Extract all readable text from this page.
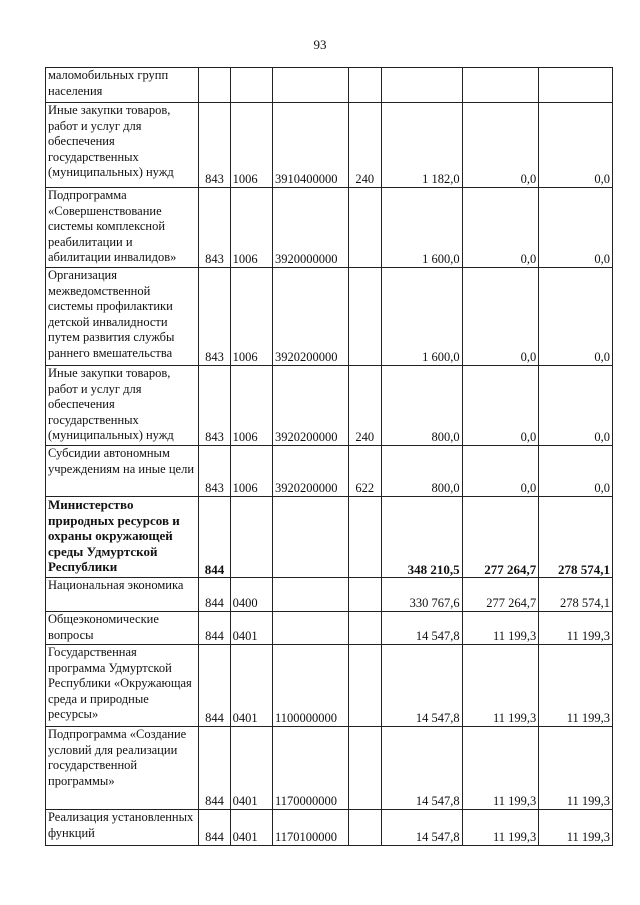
93
маломобильных групп населения							
Иные закупки товаров, работ и услуг для обеспечения государственных (муниципальных) нужд	843	1006	3910400000	240	1 182,0	0,0	0,0
Подпрограмма «Совершенствование системы комплексной реабилитации и абилитации инвалидов»	843	1006	3920000000		1 600,0	0,0	0,0
Организация межведомственной системы профилактики детской инвалидности путем развития службы раннего вмешательства	843	1006	3920200000		1 600,0	0,0	0,0
Иные закупки товаров, работ и услуг для обеспечения государственных (муниципальных) нужд	843	1006	3920200000	240	800,0	0,0	0,0
Субсидии автономным учреждениям на иные цели	843	1006	3920200000	622	800,0	0,0	0,0
Министерство природных ресурсов и охраны окружающей среды Удмуртской Республики	844				348 210,5	277 264,7	278 574,1
Национальная экономика	844	0400			330 767,6	277 264,7	278 574,1
Общеэкономические вопросы	844	0401			14 547,8	11 199,3	11 199,3
Государственная программа Удмуртской Республики «Окружающая среда и природные ресурсы»	844	0401	1100000000		14 547,8	11 199,3	11 199,3
Подпрограмма «Создание условий для реализации государственной программы»	844	0401	1170000000		14 547,8	11 199,3	11 199,3
Реализация установленных функций	844	0401	1170100000		14 547,8	11 199,3	11 199,3
